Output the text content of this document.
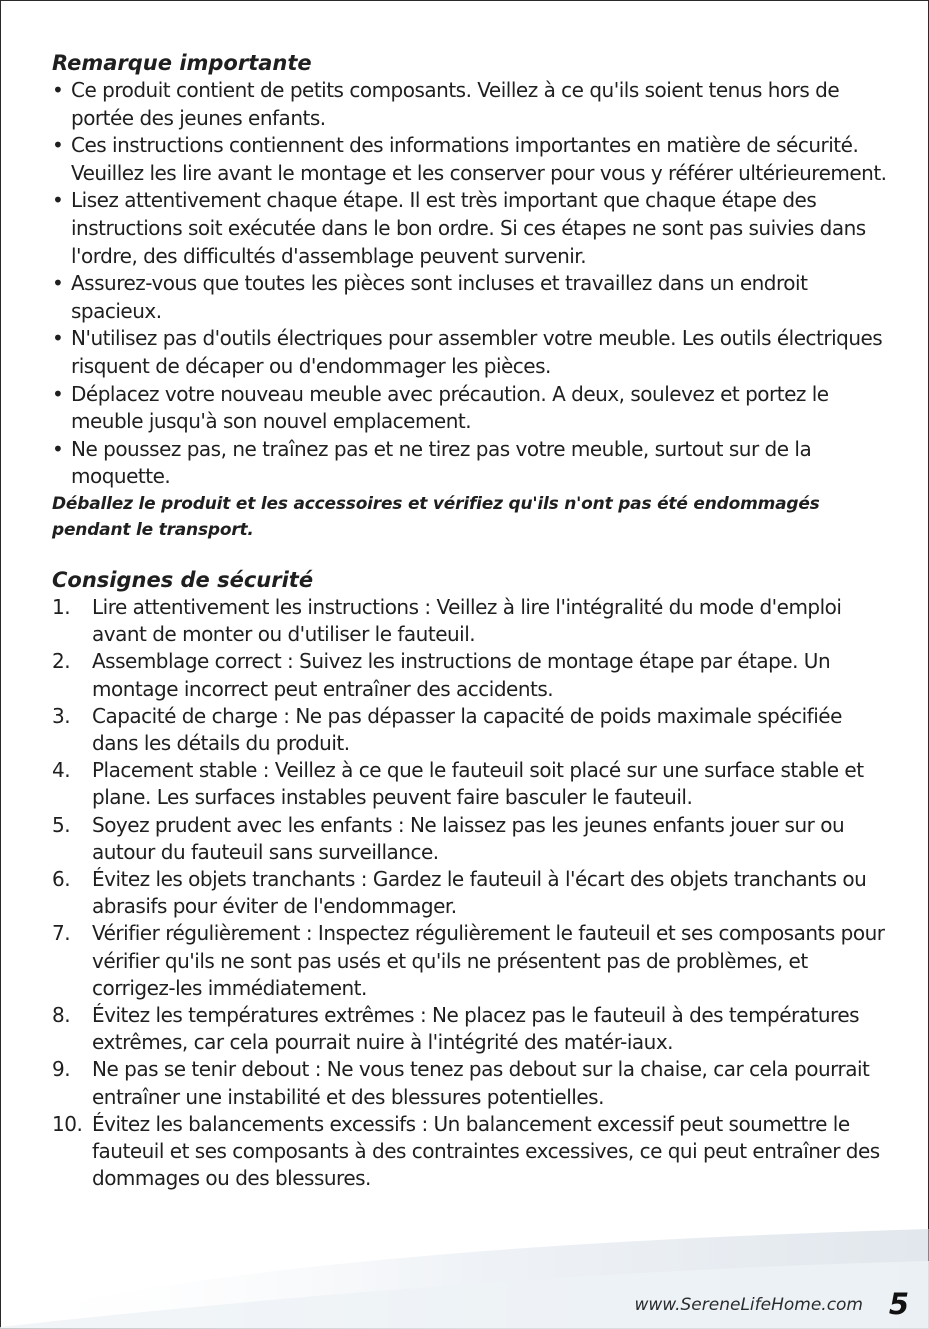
Remarque importante
• Ce produit contient de petits composants. Veillez à ce qu'ils soient tenus hors de portée des jeunes enfants.
• Ces instructions contiennent des informations importantes en matière de sécurité. Veuillez les lire avant le montage et les conserver pour vous y référer ultérieurement.
• Lisez attentivement chaque étape. Il est très important que chaque étape des instructions soit exécutée dans le bon ordre. Si ces étapes ne sont pas suivies dans l'ordre, des difficultés d'assemblage peuvent survenir.
• Assurez-vous que toutes les pièces sont incluses et travaillez dans un endroit spacieux.
• N'utilisez pas d'outils électriques pour assembler votre meuble. Les outils électriques risquent de décaper ou d'endommager les pièces.
• Déplacez votre nouveau meuble avec précaution. A deux, soulevez et portez le meuble jusqu'à son nouvel emplacement.
• Ne poussez pas, ne traînez pas et ne tirez pas votre meuble, surtout sur de la moquette.

Déballez le produit et les accessoires et vérifiez qu'ils n'ont pas été endommagés pendant le transport.

Consignes de sécurité
1. Lire attentivement les instructions : Veillez à lire l'intégralité du mode d'emploi avant de monter ou d'utiliser le fauteuil.
2. Assemblage correct : Suivez les instructions de montage étape par étape. Un montage incorrect peut entraîner des accidents.
3. Capacité de charge : Ne pas dépasser la capacité de poids maximale spécifiée dans les détails du produit.
4. Placement stable : Veillez à ce que le fauteuil soit placé sur une surface stable et plane. Les surfaces instables peuvent faire basculer le fauteuil.
5. Soyez prudent avec les enfants : Ne laissez pas les jeunes enfants jouer sur ou autour du fauteuil sans surveillance.
6. Évitez les objets tranchants : Gardez le fauteuil à l'écart des objets tranchants ou abrasifs pour éviter de l'endommager.
7. Vérifier régulièrement : Inspectez régulièrement le fauteuil et ses composants pour vérifier qu'ils ne sont pas usés et qu'ils ne présentent pas de problèmes, et corrigez-les immédiatement.
8. Évitez les températures extrêmes : Ne placez pas le fauteuil à des températures extrêmes, car cela pourrait nuire à l'intégrité des matér-iaux.
9. Ne pas se tenir debout : Ne vous tenez pas debout sur la chaise, car cela pourrait entraîner une instabilité et des blessures potentielles.
10. Évitez les balancements excessifs : Un balancement excessif peut soumettre le fauteuil et ses composants à des contraintes excessives, ce qui peut entraîner des dommages ou des blessures.
www.SereneLifeHome.com 5
